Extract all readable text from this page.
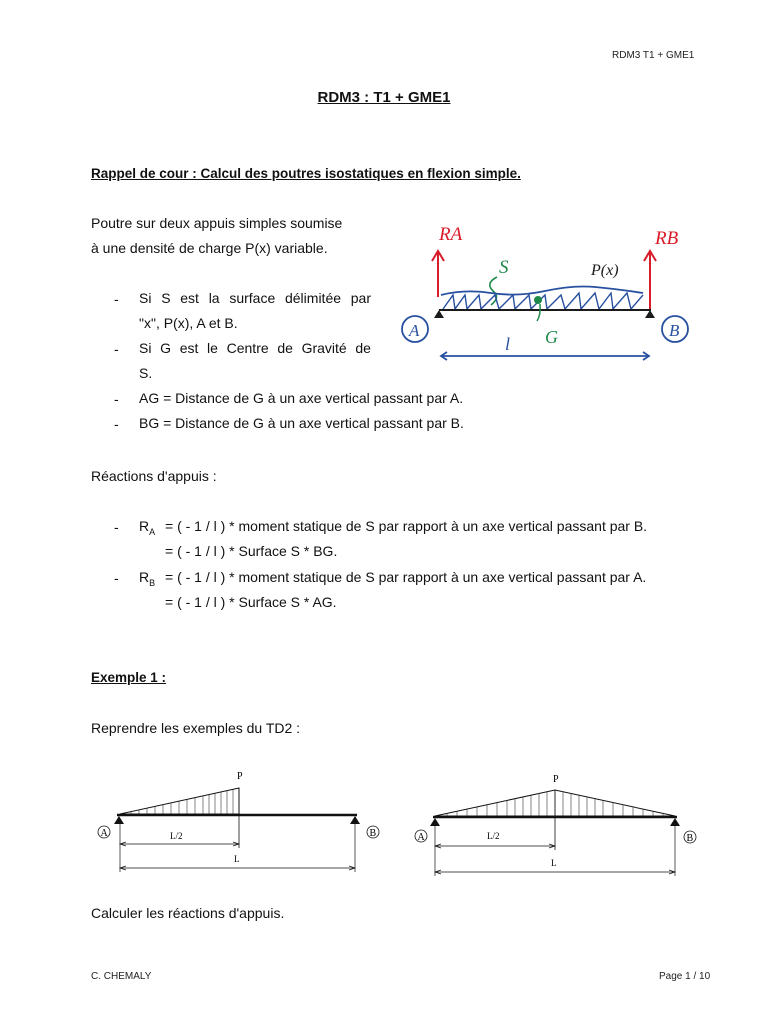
RDM3 T1 + GME1
RDM3 : T1 + GME1
Rappel de cour : Calcul des poutres isostatiques en flexion simple.
Poutre sur deux appuis simples soumise
à une densité de charge P(x) variable.
- Si S est la surface délimitée par
"x", P(x), A et B.
- Si G est le Centre de Gravité de
S.
- AG = Distance de G à un axe vertical passant par A.
- BG = Distance de G à un axe vertical passant par B.
RA	RB
S	P(x)
G
A	B
l
Réactions d'appuis :
- $R_A$ = ( - 1 / l ) * moment statique de S par rapport à un axe vertical passant par B.
= ( - 1 / l ) * Surface S * BG.
- $R_B$ = ( - 1 / l ) * moment statique de S par rapport à un axe vertical passant par A.
= ( - 1 / l ) * Surface S * AG.
Exemple 1 :
Reprendre les exemples du TD2 :
P
A	B
L/2
L
P
A	B
L/2
L
Calculer les réactions d'appuis.
C. CHEMALY	Page 1 / 10
